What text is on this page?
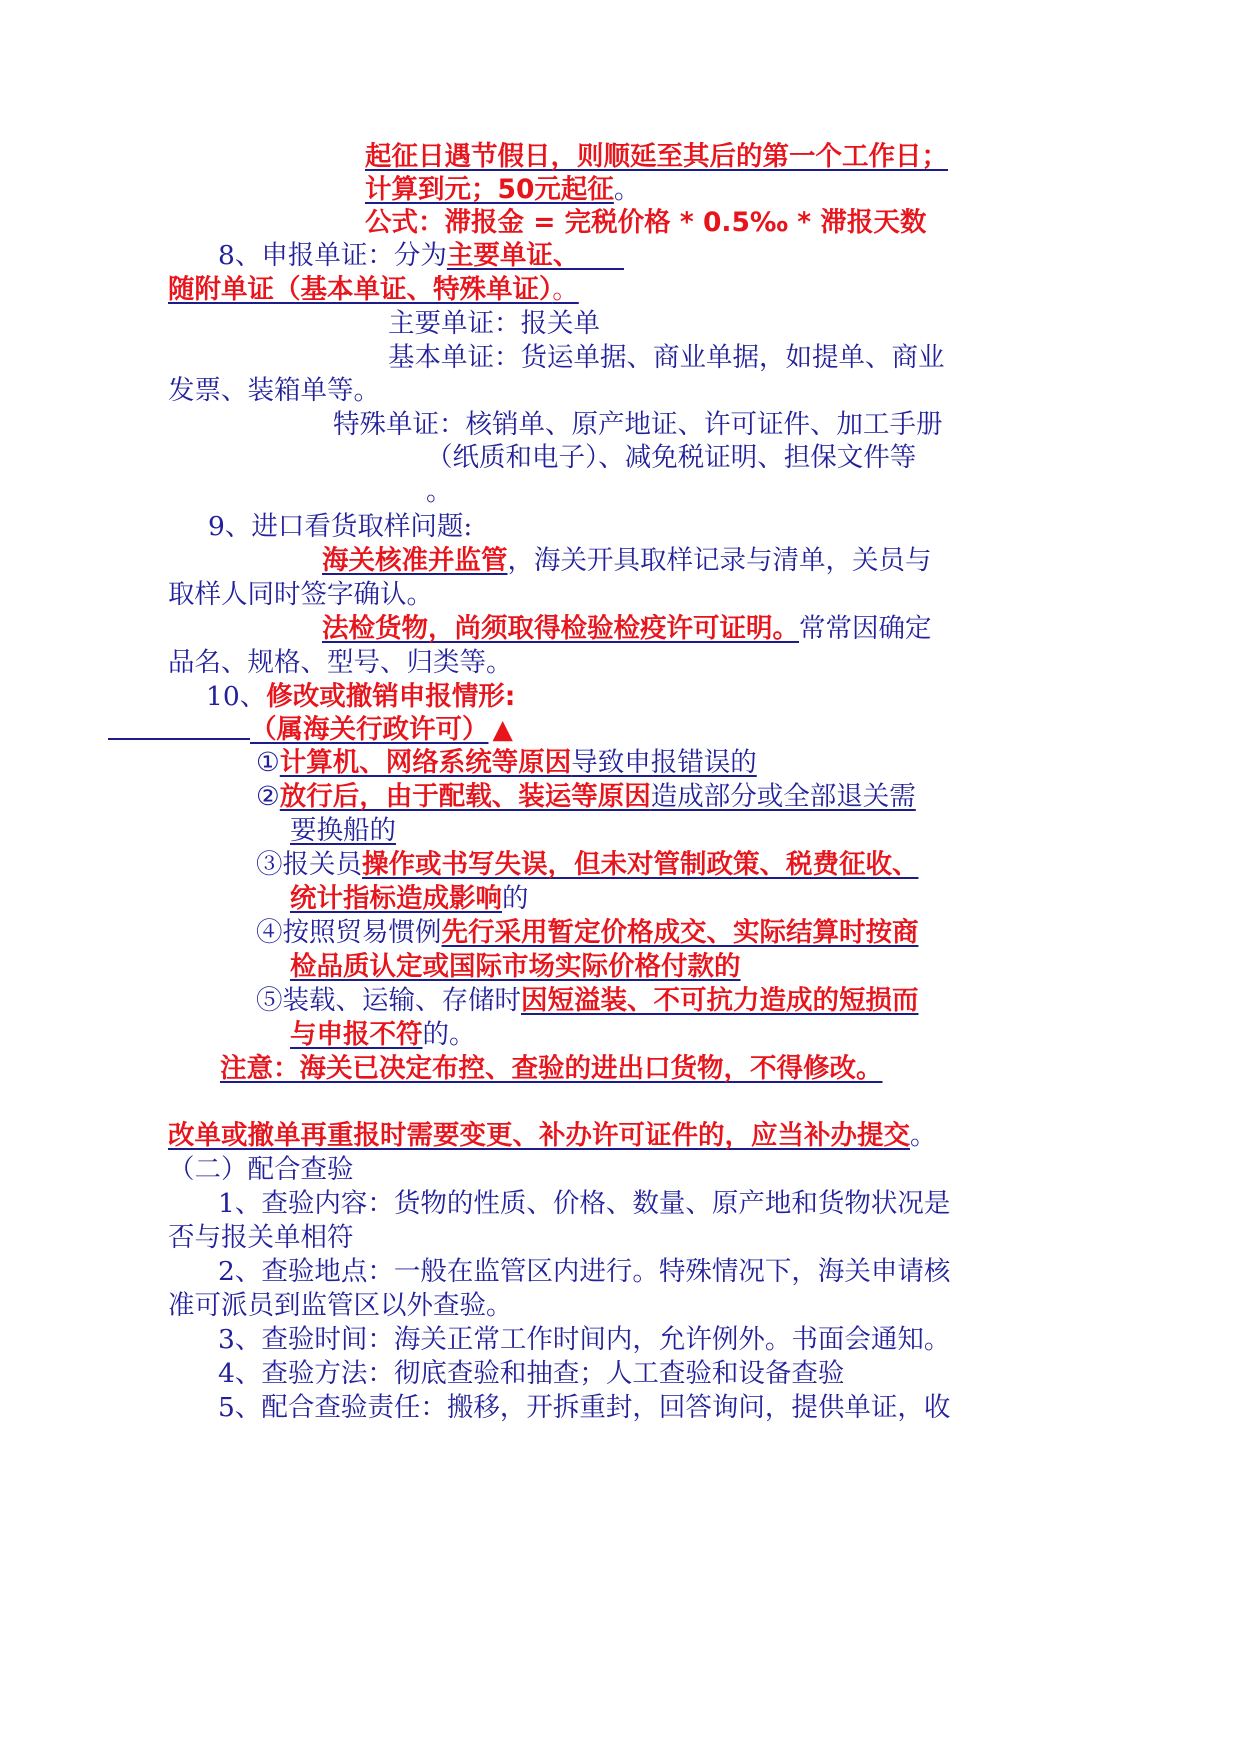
起征日遇节假日，则顺延至其后的第一个工作日；
计算到元；50元起征。
公式：滞报金 = 完税价格 * 0.5‰ * 滞报天数
8、申报单证：分为主要单证、
随附单证（基本单证、特殊单证）。
主要单证：报关单
基本单证：货运单据、商业单据，如提单、商业
发票、装箱单等。
特殊单证：核销单、原产地证、许可证件、加工手册
（纸质和电子）、减免税证明、担保文件等
。
9、进口看货取样问题:
海关核准并监管，海关开具取样记录与清单，关员与
取样人同时签字确认。
法检货物，尚须取得检验检疫许可证明。常常因确定
品名、规格、型号、归类等。
10、修改或撤销申报情形:
（属海关行政许可） ▲
①计算机、网络系统等原因导致申报错误的
②放行后，由于配载、装运等原因造成部分或全部退关需
要换船的
③报关员操作或书写失误，但未对管制政策、税费征收、
统计指标造成影响的
④按照贸易惯例先行采用暂定价格成交、实际结算时按商
检品质认定或国际市场实际价格付款的
⑤装载、运输、存储时因短溢装、不可抗力造成的短损而
与申报不符的。
注意：海关已决定布控、查验的进出口货物，不得修改。
改单或撤单再重报时需要变更、补办许可证件的，应当补办提交。
（二）配合查验
1、查验内容：货物的性质、价格、数量、原产地和货物状况是
否与报关单相符
2、查验地点：一般在监管区内进行。特殊情况下，海关申请核
准可派员到监管区以外查验。
3、查验时间：海关正常工作时间内，允许例外。书面会通知。
4、查验方法：彻底查验和抽查；人工查验和设备查验
5、配合查验责任：搬移，开拆重封，回答询问，提供单证，收
